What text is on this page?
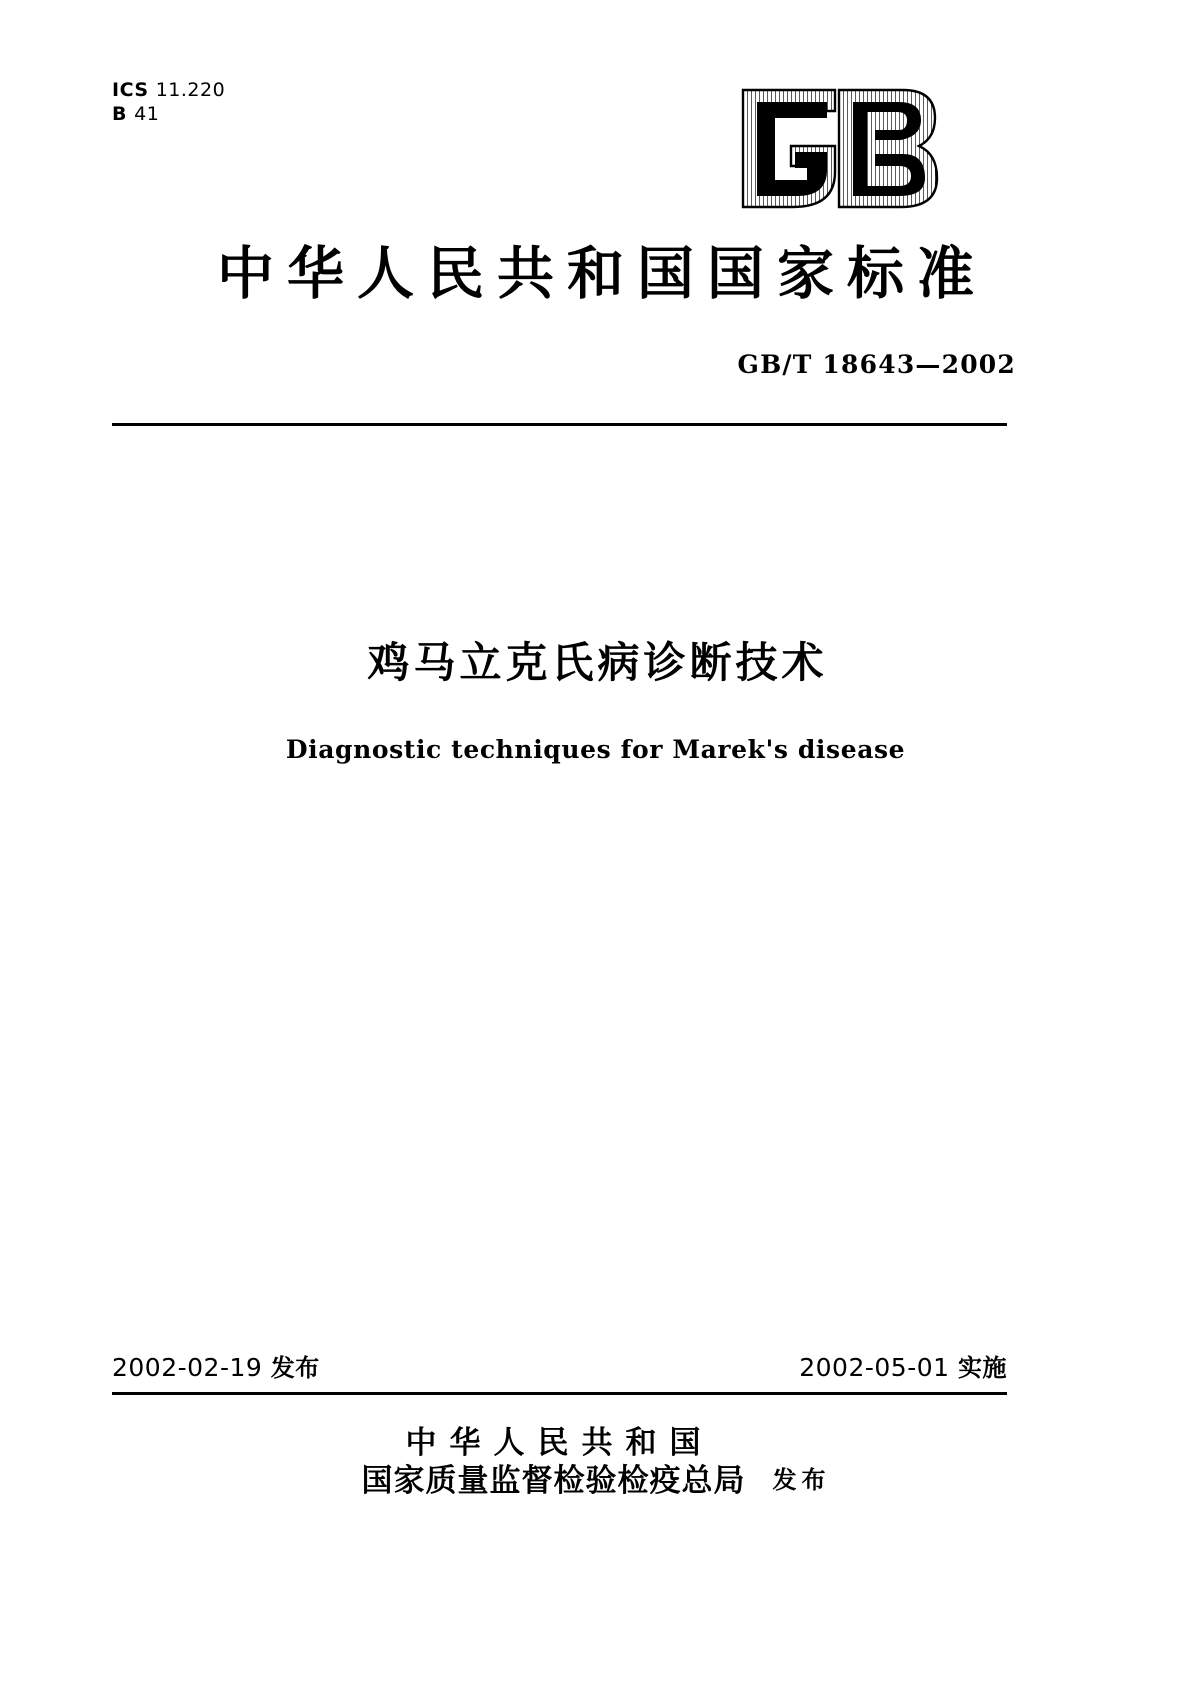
ICS 11.220
B 41
中华人民共和国国家标准
GB/T 18643—2002
鸡马立克氏病诊断技术
Diagnostic techniques for Marek's disease
2002-02-19 发布	2002-05-01 实施
中华人民共和国
国家质量监督检验检疫总局 发布
